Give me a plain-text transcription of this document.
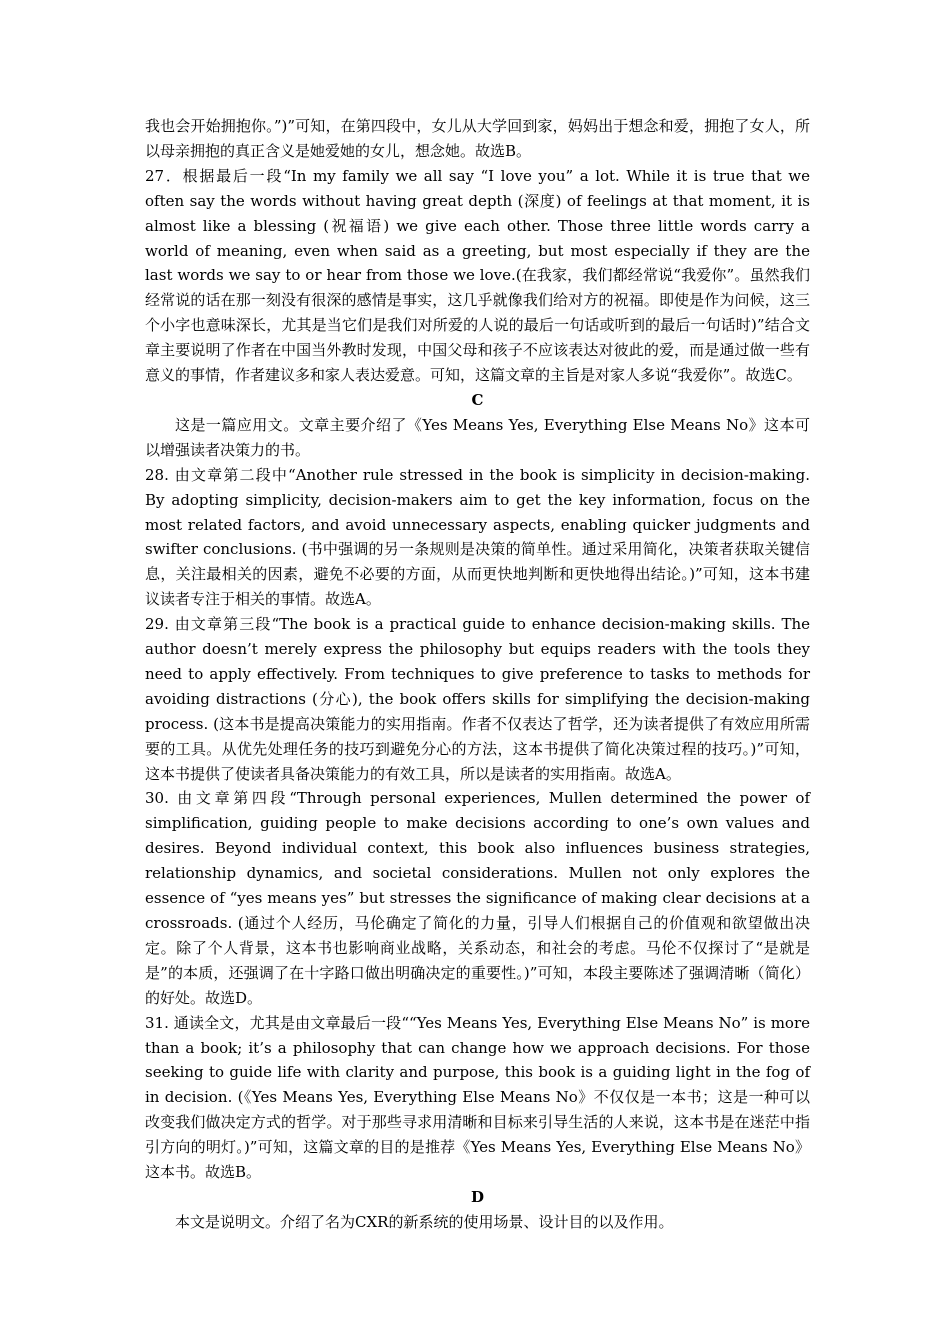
我也会开始拥抱你。”)”可知，在第四段中，女儿从大学回到家，妈妈出于想念和爱，拥抱了女人，所以母亲拥抱的真正含义是她爱她的女儿，想念她。故选B。

27．根据最后一段“In my family we all say “I love you” a lot. While it is true that we often say the words without having great depth (深度) of feelings at that moment, it is almost like a blessing (祝福语) we give each other. Those three little words carry a world of meaning, even when said as a greeting, but most especially if they are the last words we say to or hear from those we love.(在我家，我们都经常说“我爱你”。虽然我们经常说的话在那一刻没有很深的感情是事实，这几乎就像我们给对方的祝福。即使是作为问候，这三个小字也意味深长，尤其是当它们是我们对所爱的人说的最后一句话或听到的最后一句话时)”结合文章主要说明了作者在中国当外教时发现，中国父母和孩子不应该表达对彼此的爱，而是通过做一些有意义的事情，作者建议多和家人表达爱意。可知，这篇文章的主旨是对家人多说“我爱你”。故选C。

C

这是一篇应用文。文章主要介绍了《Yes Means Yes, Everything Else Means No》这本可以增强读者决策力的书。

28. 由文章第二段中“Another rule stressed in the book is simplicity in decision-making. By adopting simplicity, decision-makers aim to get the key information, focus on the most related factors, and avoid unnecessary aspects, enabling quicker judgments and swifter conclusions. (书中强调的另一条规则是决策的简单性。通过采用简化，决策者获取关键信息，关注最相关的因素，避免不必要的方面，从而更快地判断和更快地得出结论。)”可知，这本书建议读者专注于相关的事情。故选A。

29. 由文章第三段“The book is a practical guide to enhance decision-making skills. The author doesn’t merely express the philosophy but equips readers with the tools they need to apply effectively. From techniques to give preference to tasks to methods for avoiding distractions (分心), the book offers skills for simplifying the decision-making process. (这本书是提高决策能力的实用指南。作者不仅表达了哲学，还为读者提供了有效应用所需要的工具。从优先处理任务的技巧到避免分心的方法，这本书提供了简化决策过程的技巧。)”可知，这本书提供了使读者具备决策能力的有效工具，所以是读者的实用指南。故选A。

30. 由文章第四段“Through personal experiences, Mullen determined the power of simplification, guiding people to make decisions according to one’s own values and desires. Beyond individual context, this book also influences business strategies, relationship dynamics, and societal considerations. Mullen not only explores the essence of “yes means yes” but stresses the significance of making clear decisions at a crossroads. (通过个人经历，马伦确定了简化的力量，引导人们根据自己的价值观和欲望做出决定。除了个人背景，这本书也影响商业战略，关系动态，和社会的考虑。马伦不仅探讨了“是就是是”的本质，还强调了在十字路口做出明确决定的重要性。)”可知，本段主要陈述了强调清晰（简化）的好处。故选D。

31. 通读全文，尤其是由文章最后一段““Yes Means Yes, Everything Else Means No” is more than a book; it’s a philosophy that can change how we approach decisions. For those seeking to guide life with clarity and purpose, this book is a guiding light in the fog of in decision. (《Yes Means Yes, Everything Else Means No》不仅仅是一本书；这是一种可以改变我们做决定方式的哲学。对于那些寻求用清晰和目标来引导生活的人来说，这本书是在迷茫中指引方向的明灯。)”可知，这篇文章的目的是推荐《Yes Means Yes, Everything Else Means No》这本书。故选B。

D

本文是说明文。介绍了名为CXR的新系统的使用场景、设计目的以及作用。
